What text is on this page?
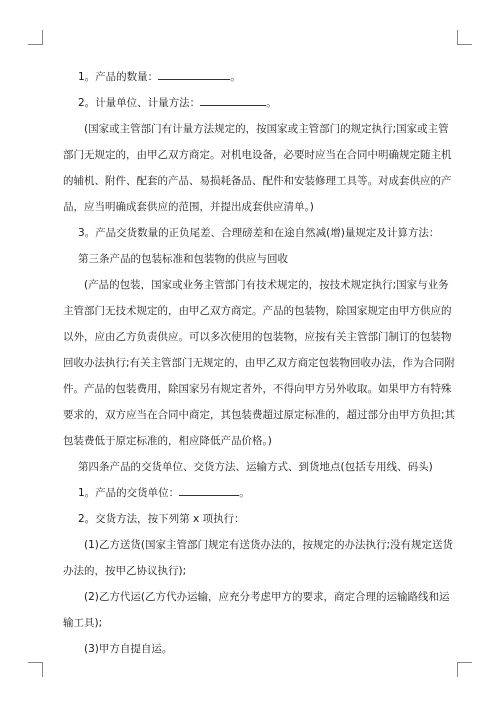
1。产品的数量：	。
2。计量单位、计量方法：	。
(国家或主管部门有计量方法规定的，按国家或主管部门的规定执行;国家或主管
部门无规定的，由甲乙双方商定。对机电设备，必要时应当在合同中明确规定随主机
的辅机、附件、配套的产品、易损耗备品、配件和安装修理工具等。对成套供应的产
品，应当明确成套供应的范围，并提出成套供应清单。)
3。产品交货数量的正负尾差、合理磅差和在途自然减(增)量规定及计算方法：
第三条产品的包装标准和包装物的供应与回收
(产品的包装，国家或业务主管部门有技术规定的，按技术规定执行;国家与业务
主管部门无技术规定的，由甲乙双方商定。产品的包装物，除国家规定由甲方供应的
以外，应由乙方负责供应。可以多次使用的包装物，应按有关主管部门制订的包装物
回收办法执行;有关主管部门无规定的，由甲乙双方商定包装物回收办法，作为合同附
件。产品的包装费用，除国家另有规定者外，不得向甲方另外收取。如果甲方有特殊
要求的，双方应当在合同中商定，其包装费超过原定标准的，超过部分由甲方负担;其
包装费低于原定标准的，相应降低产品价格。)
第四条产品的交货单位、交货方法、运输方式、到货地点(包括专用线、码头)
1。产品的交货单位：	。
2。交货方法，按下列第 x 项执行：
(1)乙方送货(国家主管部门规定有送货办法的，按规定的办法执行;没有规定送货
办法的，按甲乙协议执行);
(2)乙方代运(乙方代办运输，应充分考虑甲方的要求，商定合理的运输路线和运
输工具);
(3)甲方自提自运。
